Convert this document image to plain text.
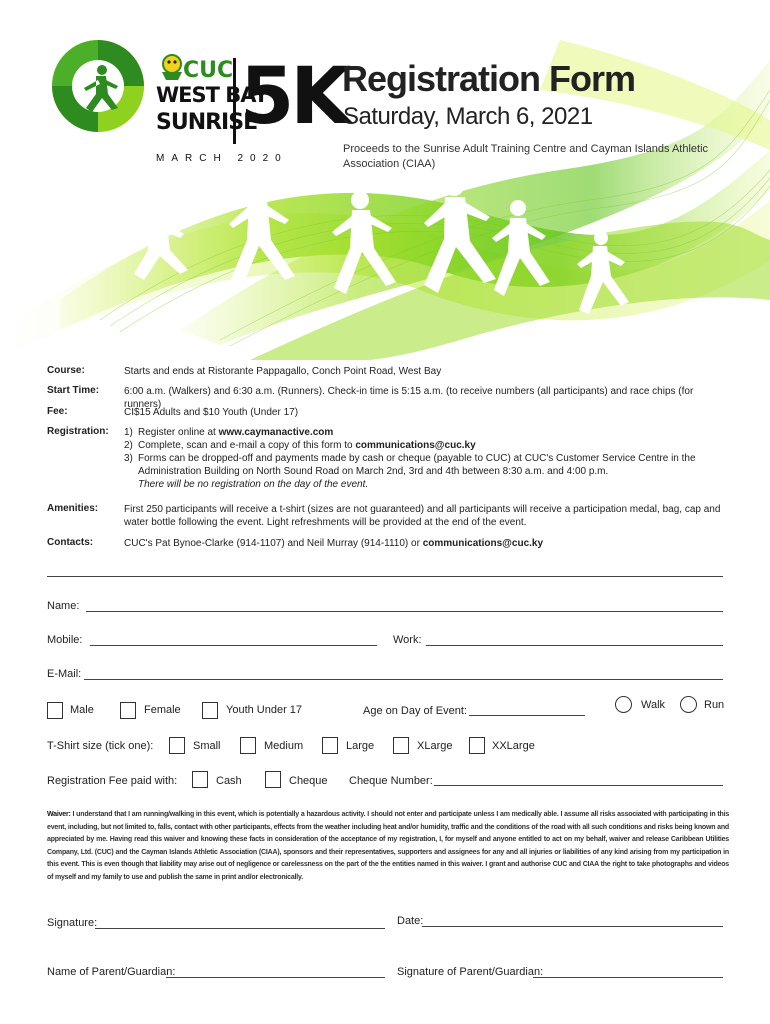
CUC
WEST BAY
SUNRISE
5K
MARCH 2020
Registration Form
Saturday, March 6, 2021
Proceeds to the Sunrise Adult Training Centre and Cayman Islands Athletic Association (CIAA)
Course:	Starts and ends at Ristorante Pappagallo, Conch Point Road, West Bay
Start Time: 6:00 a.m. (Walkers) and 6:30 a.m. (Runners). Check-in time is 5:15 a.m. (to receive numbers (all participants) and race chips (for runners)
Fee:	CI$15 Adults and $10 Youth (Under 17)
Registration: 1) Register online at www.caymanactive.com
2) Complete, scan and e-mail a copy of this form to communications@cuc.ky
3) Forms can be dropped-off and payments made by cash or cheque (payable to CUC) at CUC's Customer Service Centre in the Administration Building on North Sound Road on March 2nd, 3rd and 4th between 8:30 a.m. and 4:00 p.m.
There will be no registration on the day of the event.
Amenities:	First 250 participants will receive a t-shirt (sizes are not guaranteed) and all participants will receive a participation medal, bag, cap and water bottle following the event. Light refreshments will be provided at the end of the event.
Contacts:	CUC's Pat Bynoe-Clarke (914-1107) and Neil Murray (914-1110) or communications@cuc.ky
Name:
Mobile:	Work:
E-Mail:
Male	Female	Youth Under 17	Age on Day of Event:	Walk	Run
T-Shirt size (tick one):	Small	Medium	Large	XLarge	XXLarge
Registration Fee paid with:	Cash	Cheque Cheque Number:
Waiver: I understand that I am running/walking in this event, which is potentially a hazardous activity. I should not enter and participate unless I am medically able. I assume all risks associated with participating in this event, including, but not limited to, falls, contact with other participants, effects from the weather including heat and/or humidity, traffic and the conditions of the road with all such conditions and risks being known and appreciated by me. Having read this waiver and knowing these facts in consideration of the acceptance of my registration, I, for myself and anyone entitled to act on my behalf, waiver and release Caribbean Utilities Company, Ltd. (CUC) and the Cayman Islands Athletic Association (CIAA), sponsors and their representatives, supporters and assignees for any and all injuries or liabilities of any kind arising from my participation in this event. This is even though that liability may arise out of negligence or carelessness on the part of the the entities named in this waiver. I grant and authorise CUC and CIAA the right to take photographs and videos of myself and my family to use and publish the same in print and/or electronically.
Signature:	Date:
Name of Parent/Guardian:	Signature of Parent/Guardian:
